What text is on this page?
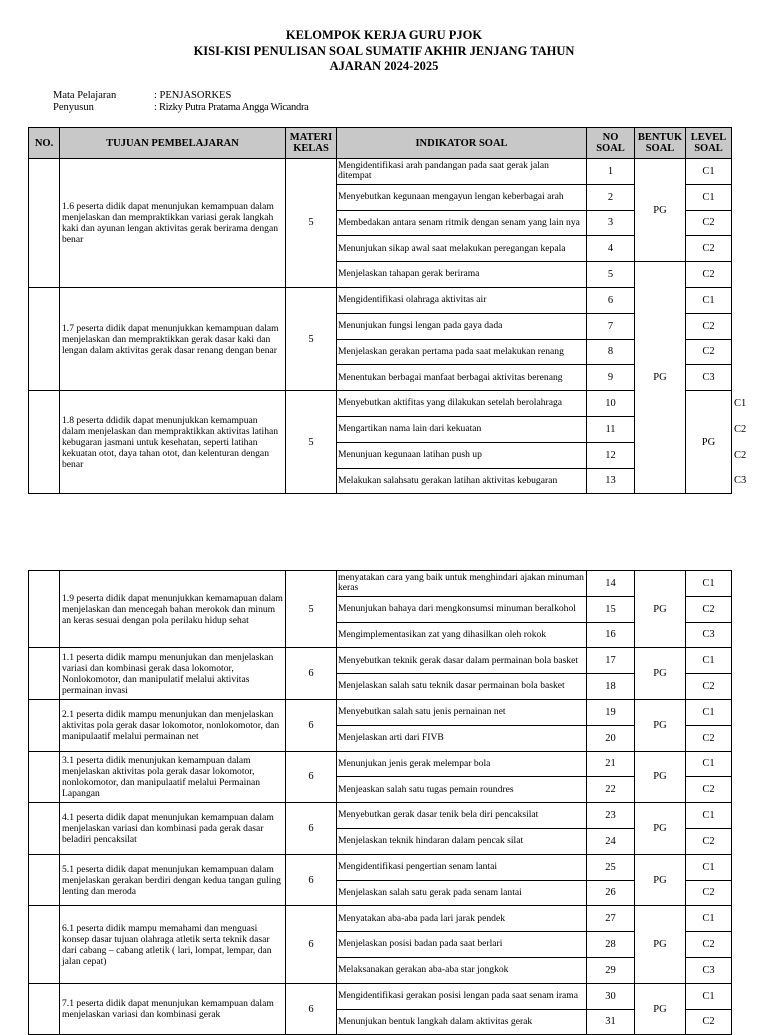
KELOMPOK KERJA GURU PJOK
KISI-KISI PENULISAN SOAL SUMATIF AKHIR JENJANG TAHUN
AJARAN 2024-2025
Mata Pelajaran	: PENJASORKES
Penyusun	: Rizky Putra Pratama Angga Wicandra
NO.	TUJUAN PEMBELAJARAN	MATERI KELAS	INDIKATOR SOAL	NO SOAL	BENTUK SOAL	LEVEL SOAL	
	1.6 peserta didik dapat menunjukan kemampuan dalam menjelaskan dan mempraktikkan variasi gerak langkah kaki dan ayunan lengan aktivitas gerak berirama dengan benar	5	Mengidentifikasi arah pandangan pada saat gerak jalan ditempat	1	PG	C1	
			Menyebutkan kegunaan mengayun lengan keberbagai arah	2		C1	
			Membedakan antara senam ritmik dengan senam yang lain nya	3		C2	
			Menunjukan sikap awal saat melakukan peregangan kepala	4		C2	
			Menjelaskan tahapan gerak berirama	5	PG	C2	
	1.7 peserta didik dapat menunjukkan kemampuan dalam menjelaskan dan mempraktikkan gerak dasar kaki dan lengan dalam aktivitas gerak dasar renang dengan benar	5	Mengidentifikasi olahraga aktivitas air	6		C1	
			Menunjukan fungsi lengan pada gaya dada	7		C2	
			Menjelaskan gerakan pertama pada saat melakukan renang	8		C2	
			Menentukan berbagai manfaat berbagai aktivitas berenang	9		C3	
	1.8 peserta ddidik dapat menunjukkan kemampuan dalam menjelaskan dan mempraktikkan aktivitas latihan kebugaran jasmani untuk kesehatan, seperti latihan kekuatan otot, daya tahan otot, dan kelenturan dengan benar	5	Menyebutkan aktifitas yang dilakukan setelah berolahraga	10		PG	C1
			Mengartikan nama lain dari kekuatan	11			C2
			Menunjuan kegunaan latihan push up	12			C2
			Melakukan salahsatu gerakan latihan aktivitas kebugaran	13			C3
	1.9 peserta didik dapat menunjukkan kemamapuan dalam menjelaskan dan mencegah bahan merokok dan minum an keras sesuai dengan pola perilaku hidup sehat	5	menyatakan cara yang baik untuk menghindari ajakan minuman keras	14	PG	C1
			Menunjukan bahaya dari mengkonsumsi minuman beralkohol	15		C2
			Mengimplementasikan zat yang dihasilkan oleh rokok	16		C3
	1.1 peserta didik mampu menunjukan dan menjelaskan variasi dan kombinasi gerak dasa lokomotor, Nonlokomotor, dan manipulatif melalui aktivitas permainan invasi	6	Menyebutkan teknik gerak dasar dalam permainan bola basket	17	PG	C1
			Menjelaskan salah satu teknik dasar permainan bola basket	18		C2
	2.1 peserta didik mampu menunjukan dan menjelaskan aktivitas pola gerak dasar lokomotor, nonlokomotor, dan manipulaatif melalui permainan net	6	Menyebutkan salah satu jenis pernainan net	19	PG	C1
			Menjelaskan arti dari FIVB	20		C2
	3.1 peserta didik menunjukan kemampuan dalam menjelaskan aktivitas pola gerak dasar lokomotor, nonlokomotor, dan manipulaatif melalui Permainan Lapangan	6	Menunjukan jenis gerak melempar bola	21	PG	C1
			Menjeaskan salah satu tugas pemain roundres	22		C2
	4.1 peserta didik dapat menunjukan kemampuan dalam menjelaskan variasi dan kombinasi pada gerak dasar beladiri pencaksilat	6	Menyebutkan gerak dasar tenik bela diri pencaksilat	23	PG	C1
			Menjelaskan teknik hindaran dalam pencak silat	24		C2
	5.1 peserta didik dapat menunjukan kemampuan dalam menjelaskan gerakan berdiri dengan kedua tangan guling lenting dan meroda	6	Mengidentifikasi pengertian senam lantai	25	PG	C1
			Menjelaskan salah satu gerak pada senam lantai	26		C2
	6.1 peserta didik mampu memahami dan menguasi konsep dasar tujuan olahraga atletik serta teknik dasar dari cabang – cabang atletik ( lari, lompat, lempar, dan jalan cepat)	6	Menyatakan aba-aba pada lari jarak pendek	27	PG	C1
			Menjelaskan posisi badan pada saat berlari	28		C2
			Melaksanakan gerakan aba-aba star jongkok	29		C3
	7.1 peserta didik dapat menunjukan kemampuan dalam menjelaskan variasi dan kombinasi gerak	6	Mengidentifikasi gerakan posisi lengan pada saat senam irama	30	PG	C1
			Menunjukan bentuk langkah dalam aktivitas gerak	31		C2
